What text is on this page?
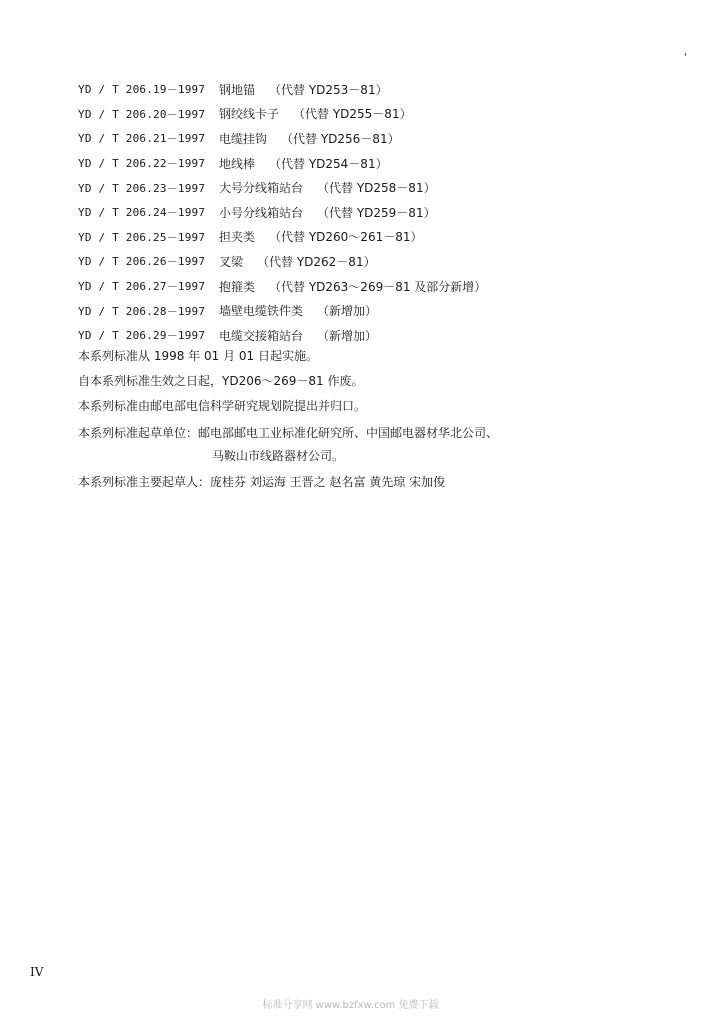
'
YD / T 206.19－1997	钢地锚 （代替 YD253－81）
YD / T 206.20－1997	钢绞线卡子 （代替 YD255－81）
YD / T 206.21－1997	电缆挂钩 （代替 YD256－81）
YD / T 206.22－1997	地线棒 （代替 YD254－81）
YD / T 206.23－1997	大号分线箱站台 （代替 YD258－81）
YD / T 206.24－1997	小号分线箱站台 （代替 YD259－81）
YD / T 206.25－1997	担夹类 （代替 YD260～261－81）
YD / T 206.26－1997	叉梁 （代替 YD262－81）
YD / T 206.27－1997	抱箍类 （代替 YD263～269－81 及部分新增）
YD / T 206.28－1997	墙壁电缆铁件类 （新增加）
YD / T 206.29－1997	电缆交接箱站台 （新增加）

本系列标准从 1998 年 01 月 01 日起实施。

自本系列标准生效之日起，YD206～269－81 作废。

本系列标准由邮电部电信科学研究规划院提出并归口。

本系列标准起草单位：邮电部邮电工业标准化研究所、中国邮电器材华北公司、

马鞍山市线路器材公司。

本系列标准主要起草人：庞桂芬 刘运海 王晋之 赵名富 黄先琼 宋加俊

IV
标准分享网 www.bzfxw.com 免费下载
